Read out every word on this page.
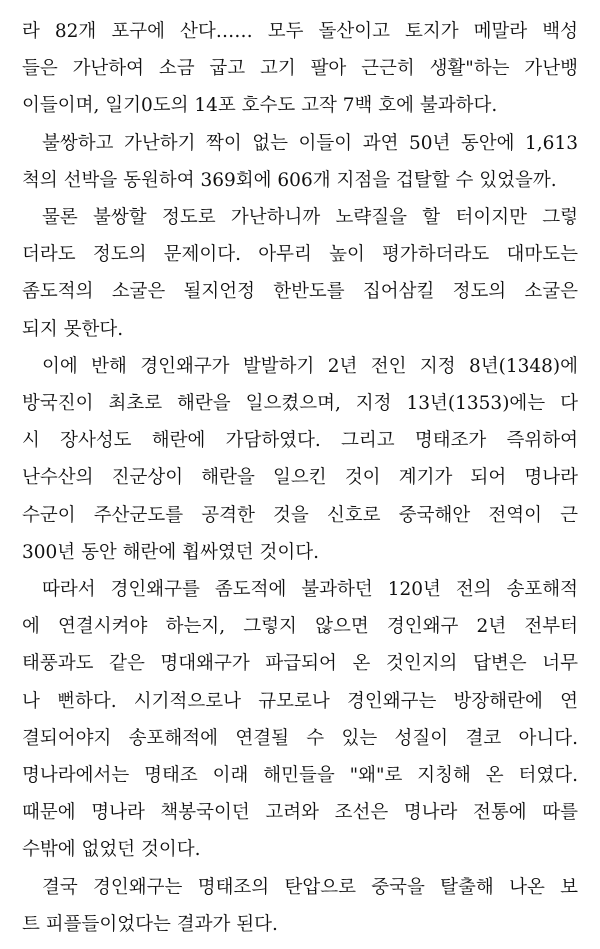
라 82개 포구에 산다…… 모두 돌산이고 토지가 메말라 백성
들은 가난하여 소금 굽고 고기 팔아 근근히 생활"하는 가난뱅
이들이며, 일기0도의 14포 호수도 고작 7백 호에 불과하다.
불쌍하고 가난하기 짝이 없는 이들이 과연 50년 동안에 1,613
척의 선박을 동원하여 369회에 606개 지점을 겁탈할 수 있었을까.
물론 불쌍할 정도로 가난하니까 노략질을 할 터이지만 그렇
더라도 정도의 문제이다. 아무리 높이 평가하더라도 대마도는
좀도적의 소굴은 될지언정 한반도를 집어삼킬 정도의 소굴은
되지 못한다.
이에 반해 경인왜구가 발발하기 2년 전인 지정 8년(1348)에
방국진이 최초로 해란을 일으켰으며, 지정 13년(1353)에는 다
시 장사성도 해란에 가담하였다. 그리고 명태조가 즉위하여
난수산의 진군상이 해란을 일으킨 것이 계기가 되어 명나라
수군이 주산군도를 공격한 것을 신호로 중국해안 전역이 근
300년 동안 해란에 휩싸였던 것이다.
따라서 경인왜구를 좀도적에 불과하던 120년 전의 송포해적
에 연결시켜야 하는지, 그렇지 않으면 경인왜구 2년 전부터
태풍과도 같은 명대왜구가 파급되어 온 것인지의 답변은 너무
나 뻔하다. 시기적으로나 규모로나 경인왜구는 방장해란에 연
결되어야지 송포해적에 연결될 수 있는 성질이 결코 아니다.
명나라에서는 명태조 이래 해민들을 "왜"로 지칭해 온 터였다.
때문에 명나라 책봉국이던 고려와 조선은 명나라 전통에 따를
수밖에 없었던 것이다.
결국 경인왜구는 명태조의 탄압으로 중국을 탈출해 나온 보
트 피플들이었다는 결과가 된다.
